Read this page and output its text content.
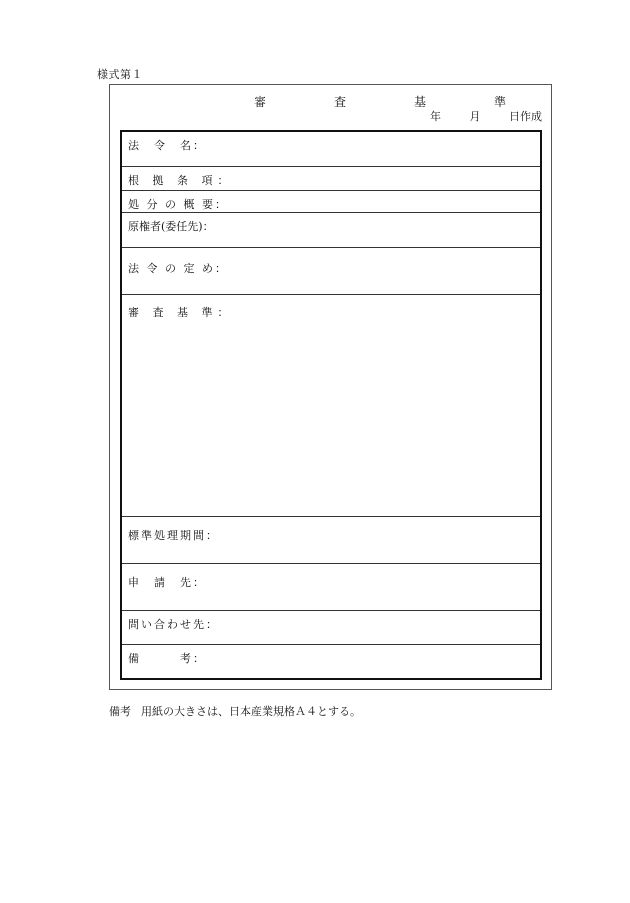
様式第１
審　査　基　準
年	月	日作成
法　令　名：
根 拠 条 項：
処 分 の 概 要：
原権者(委任先)：
法 令 の 定 め：
審 査 基 準：
標準処理期間：
申　請　先：
問い合わせ先：
備　　　考：
備考 用紙の大きさは、日本産業規格Ａ４とする。
